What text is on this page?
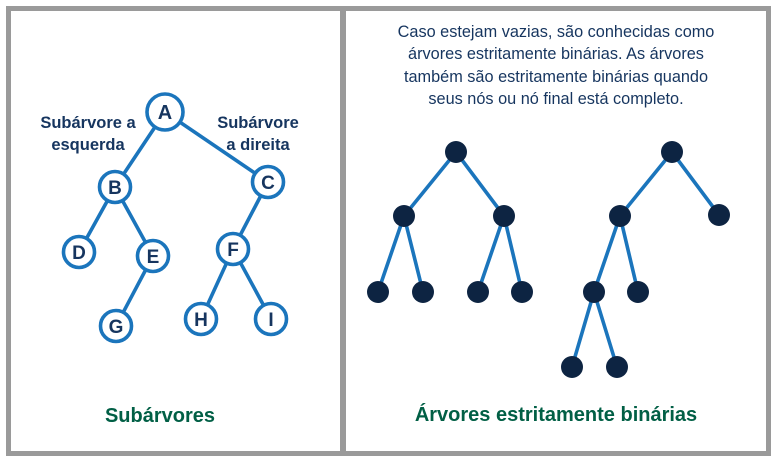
A
B	C
D	E	F
G	H	I
Subárvore a
esquerda
Subárvore
a direita
Subárvores
Caso estejam vazias, são conhecidas como
árvores estritamente binárias. As árvores
também são estritamente binárias quando
seus nós ou nó final está completo.
Árvores estritamente binárias
